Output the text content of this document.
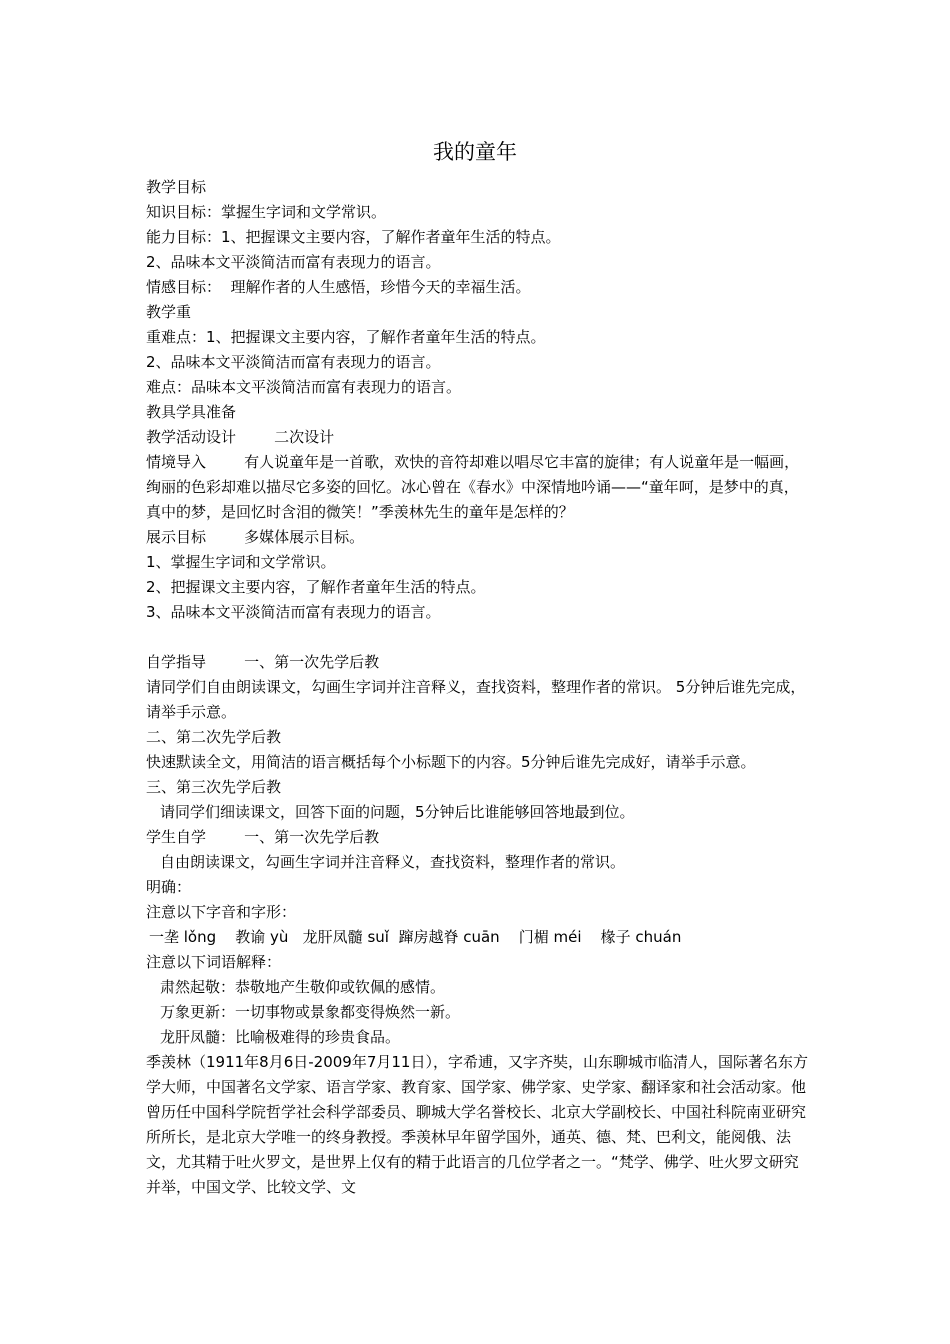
我的童年

教学目标

知识目标：掌握生字词和文学常识。

能力目标：1、把握课文主要内容，了解作者童年生活的特点。

2、品味本文平淡简洁而富有表现力的语言。

情感目标：  理解作者的人生感悟，珍惜今天的幸福生活。

教学重

重难点：1、把握课文主要内容，了解作者童年生活的特点。

2、品味本文平淡简洁而富有表现力的语言。

难点：品味本文平淡简洁而富有表现力的语言。

教具学具准备

教学活动设计        二次设计

情境导入        有人说童年是一首歌，欢快的音符却难以唱尽它丰富的旋律；有人说童年是一幅画，绚丽的色彩却难以描尽它多姿的回忆。冰心曾在《春水》中深情地吟诵——“童年呵，是梦中的真，真中的梦，是回忆时含泪的微笑！”季羡林先生的童年是怎样的？

展示目标        多媒体展示目标。

1、掌握生字词和文学常识。

2、把握课文主要内容，了解作者童年生活的特点。

3、品味本文平淡简洁而富有表现力的语言。

自学指导        一、第一次先学后教

请同学们自由朗读课文，勾画生字词并注音释义，查找资料，整理作者的常识。 5分钟后谁先完成，请举手示意。

二、第二次先学后教

快速默读全文，用简洁的语言概括每个小标题下的内容。5分钟后谁先完成好，请举手示意。

三、第三次先学后教

请同学们细读课文，回答下面的问题，5分钟后比谁能够回答地最到位。

学生自学        一、第一次先学后教

自由朗读课文，勾画生字词并注音释义，查找资料，整理作者的常识。

明确：

注意以下字音和字形：

一垄 lǒng    教谕 yù   龙肝凤髓 suǐ  蹿房越脊 cuān    门楣 méi    椽子 chuán

注意以下词语解释：

肃然起敬：恭敬地产生敬仰或钦佩的感情。

万象更新：一切事物或景象都变得焕然一新。

龙肝凤髓：比喻极难得的珍贵食品。

季羡林（1911年8月6日-2009年7月11日），字希逋，又字齐奘，山东聊城市临清人，国际著名东方学大师，中国著名文学家、语言学家、教育家、国学家、佛学家、史学家、翻译家和社会活动家。他曾历任中国科学院哲学社会科学部委员、聊城大学名誉校长、北京大学副校长、中国社科院南亚研究所所长，是北京大学唯一的终身教授。季羡林早年留学国外，通英、德、梵、巴利文，能阅俄、法文，尤其精于吐火罗文，是世界上仅有的精于此语言的几位学者之一。“梵学、佛学、吐火罗文研究并举，中国文学、比较文学、文
